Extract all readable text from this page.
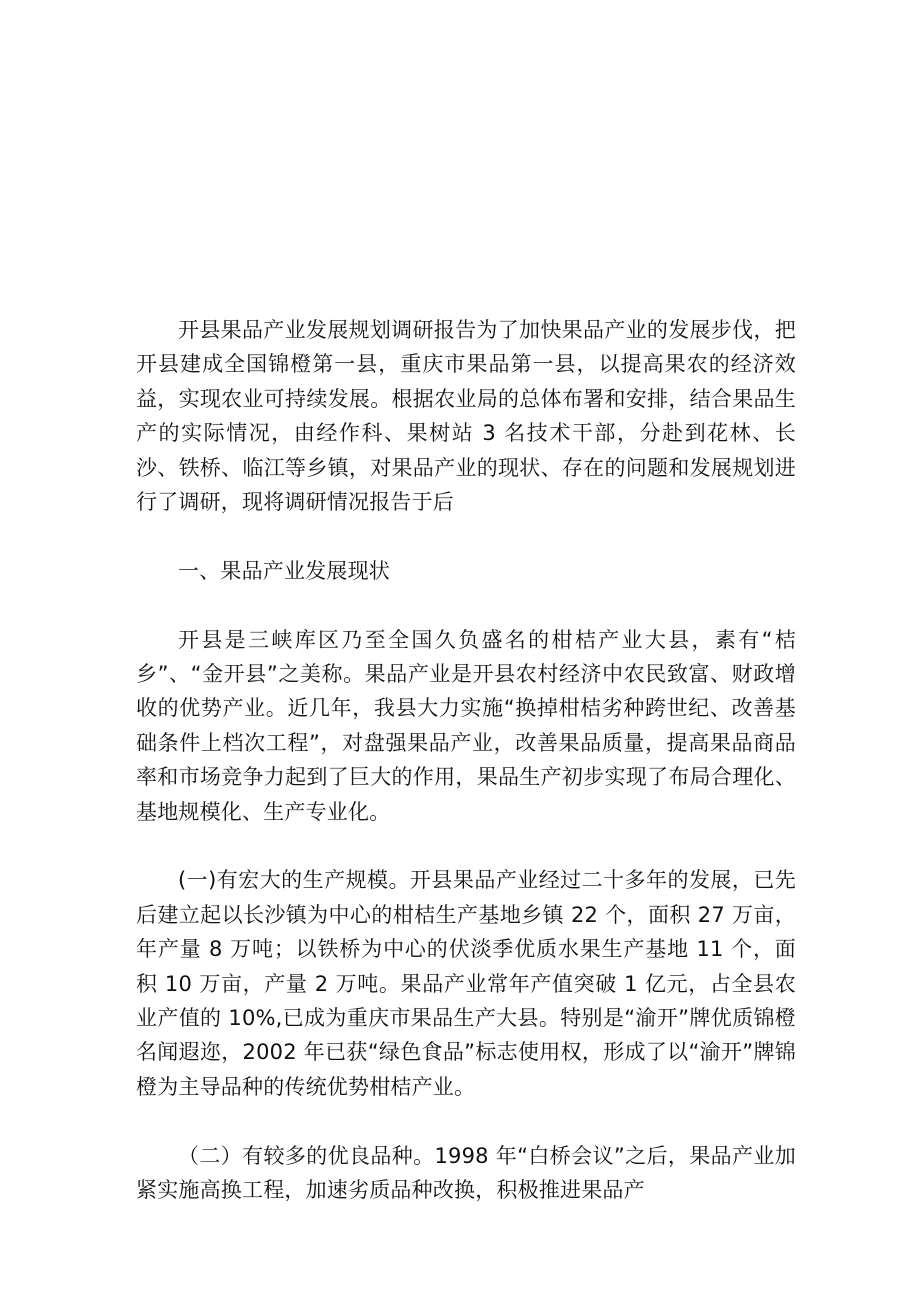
开县果品产业发展规划调研报告为了加快果品产业的发展步伐，把开县建成全国锦橙第一县，重庆市果品第一县，以提高果农的经济效益，实现农业可持续发展。根据农业局的总体布署和安排，结合果品生产的实际情况，由经作科、果树站 3 名技术干部，分赴到花林、长沙、铁桥、临江等乡镇，对果品产业的现状、存在的问题和发展规划进行了调研，现将调研情况报告于后

一、果品产业发展现状

开县是三峡库区乃至全国久负盛名的柑桔产业大县，素有“桔乡”、“金开县”之美称。果品产业是开县农村经济中农民致富、财政增收的优势产业。近几年，我县大力实施“换掉柑桔劣种跨世纪、改善基础条件上档次工程”，对盘强果品产业，改善果品质量，提高果品商品率和市场竞争力起到了巨大的作用，果品生产初步实现了布局合理化、基地规模化、生产专业化。

(一)有宏大的生产规模。开县果品产业经过二十多年的发展，已先后建立起以长沙镇为中心的柑桔生产基地乡镇 22 个，面积 27 万亩，年产量 8 万吨；以铁桥为中心的伏淡季优质水果生产基地 11 个，面积 10 万亩，产量 2 万吨。果品产业常年产值突破 1 亿元，占全县农业产值的 10%,已成为重庆市果品生产大县。特别是“渝开”牌优质锦橙名闻遐迩，2002 年已获“绿色食品”标志使用权，形成了以“渝开”牌锦橙为主导品种的传统优势柑桔产业。

（二）有较多的优良品种。1998 年“白桥会议”之后，果品产业加紧实施高换工程，加速劣质品种改换，积极推进果品产
